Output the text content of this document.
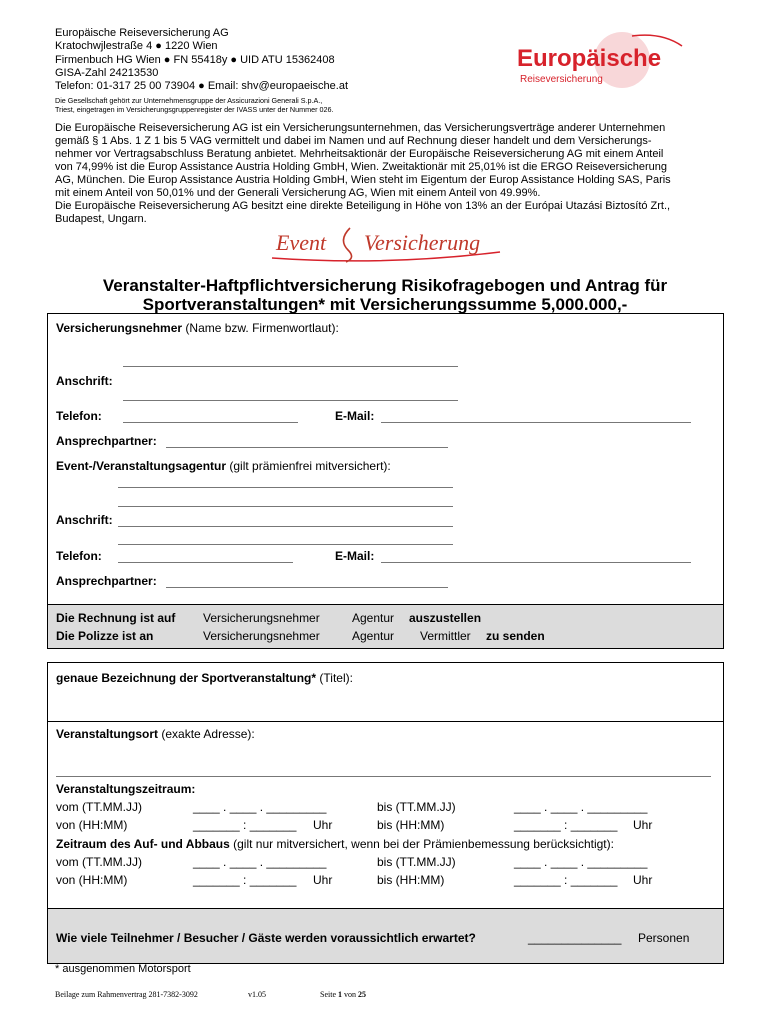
Europäische Reiseversicherung AG
Kratochwjlestraße 4 ● 1220 Wien
Firmenbuch HG Wien ● FN 55418y ● UID ATU 15362408
GISA-Zahl 24213530
Telefon: 01-317 25 00 73904 ● Email: shv@europaeische.at
Die Gesellschaft gehört zur Unternehmensgruppe der Assicurazioni Generali S.p.A.,
Triest, eingetragen im Versicherungsgruppenregister der IVASS unter der Nummer 026.
Europäische
Reiseversicherung
Die Europäische Reiseversicherung AG ist ein Versicherungsunternehmen, das Versicherungsverträge anderer Unternehmen
gemäß § 1 Abs. 1 Z 1 bis 5 VAG vermittelt und dabei im Namen und auf Rechnung dieser handelt und dem Versicherungs-
nehmer vor Vertragsabschluss Beratung anbietet. Mehrheitsaktionär der Europäische Reiseversicherung AG mit einem Anteil
von 74,99% ist die Europ Assistance Austria Holding GmbH, Wien. Zweitaktionär mit 25,01% ist die ERGO Reiseversicherung
AG, München. Die Europ Assistance Austria Holding GmbH, Wien steht im Eigentum der Europ Assistance Holding SAS, Paris
mit einem Anteil von 50,01% und der Generali Versicherung AG, Wien mit einem Anteil von 49.99%.
Die Europäische Reiseversicherung AG besitzt eine direkte Beteiligung in Höhe von 13% an der Európai Utazási Biztosító Zrt.,
Budapest, Ungarn.
Event Versicherung
Veranstalter-Haftpflichtversicherung Risikofragebogen und Antrag für
Sportveranstaltungen* mit Versicherungssumme 5,000.000,-
Versicherungsnehmer (Name bzw. Firmenwortlaut):
Anschrift:
Telefon:	E-Mail:
Ansprechpartner:
Event-/Veranstaltungsagentur (gilt prämienfrei mitversichert):
Anschrift:
Telefon:	E-Mail:
Ansprechpartner:
Die Rechnung ist auf Versicherungsnehmer	Agentur auszustellen
Die Polizze ist an	Versicherungsnehmer	Agentur Vermittler zu senden
genaue Bezeichnung der Sportveranstaltung* (Titel):
Veranstaltungsort (exakte Adresse):
Veranstaltungszeitraum:
vom (TT.MM.JJ)	____ . ____ . _________	bis (TT.MM.JJ)	____ . ____ . _________
von (HH:MM)	_______ : _______ Uhr	bis (HH:MM)	_______ : _______ Uhr
Zeitraum des Auf- und Abbaus (gilt nur mitversichert, wenn bei der Prämienbemessung berücksichtigt):
vom (TT.MM.JJ)	____ . ____ . _________	bis (TT.MM.JJ)	____ . ____ . _________
von (HH:MM)	_______ : _______ Uhr	bis (HH:MM)	_______ : _______ Uhr
Wie viele Teilnehmer / Besucher / Gäste werden voraussichtlich erwartet?	______________ Personen
* ausgenommen Motorsport
Beilage zum Rahmenvertrag 281-7382-3092	v1.05	Seite 1 von 25
